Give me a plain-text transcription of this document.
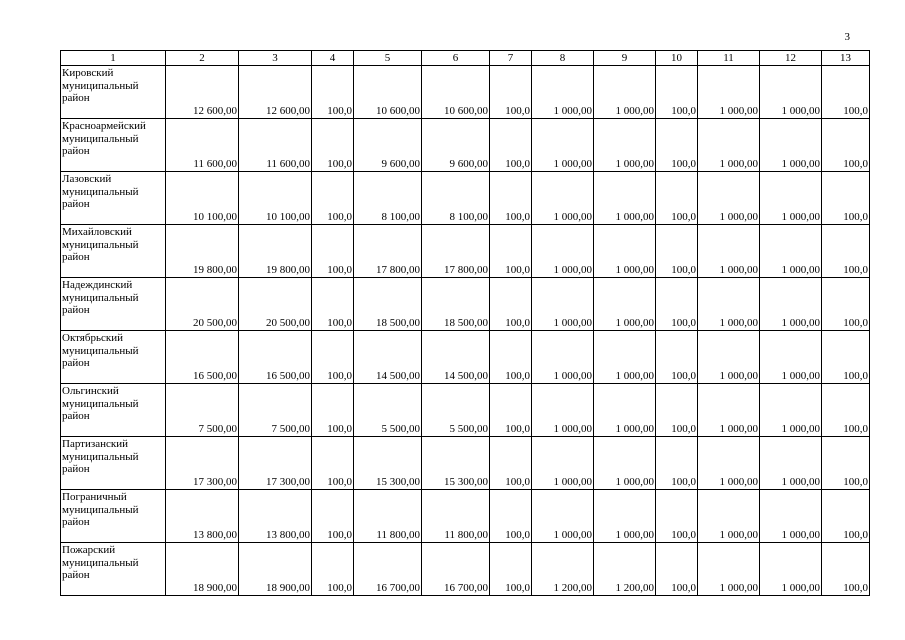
3
1	2	3	4	5	6	7	8	9	10	11	12	13
Кировский муниципальный район	12 600,00	12 600,00	100,0	10 600,00	10 600,00	100,0	1 000,00	1 000,00	100,0	1 000,00	1 000,00	100,0
Красноармейский муниципальный район	11 600,00	11 600,00	100,0	9 600,00	9 600,00	100,0	1 000,00	1 000,00	100,0	1 000,00	1 000,00	100,0
Лазовский муниципальный район	10 100,00	10 100,00	100,0	8 100,00	8 100,00	100,0	1 000,00	1 000,00	100,0	1 000,00	1 000,00	100,0
Михайловский муниципальный район	19 800,00	19 800,00	100,0	17 800,00	17 800,00	100,0	1 000,00	1 000,00	100,0	1 000,00	1 000,00	100,0
Надеждинский муниципальный район	20 500,00	20 500,00	100,0	18 500,00	18 500,00	100,0	1 000,00	1 000,00	100,0	1 000,00	1 000,00	100,0
Октябрьский муниципальный район	16 500,00	16 500,00	100,0	14 500,00	14 500,00	100,0	1 000,00	1 000,00	100,0	1 000,00	1 000,00	100,0
Ольгинский муниципальный район	7 500,00	7 500,00	100,0	5 500,00	5 500,00	100,0	1 000,00	1 000,00	100,0	1 000,00	1 000,00	100,0
Партизанский муниципальный район	17 300,00	17 300,00	100,0	15 300,00	15 300,00	100,0	1 000,00	1 000,00	100,0	1 000,00	1 000,00	100,0
Пограничный муниципальный район	13 800,00	13 800,00	100,0	11 800,00	11 800,00	100,0	1 000,00	1 000,00	100,0	1 000,00	1 000,00	100,0
Пожарский муниципальный район	18 900,00	18 900,00	100,0	16 700,00	16 700,00	100,0	1 200,00	1 200,00	100,0	1 000,00	1 000,00	100,0
